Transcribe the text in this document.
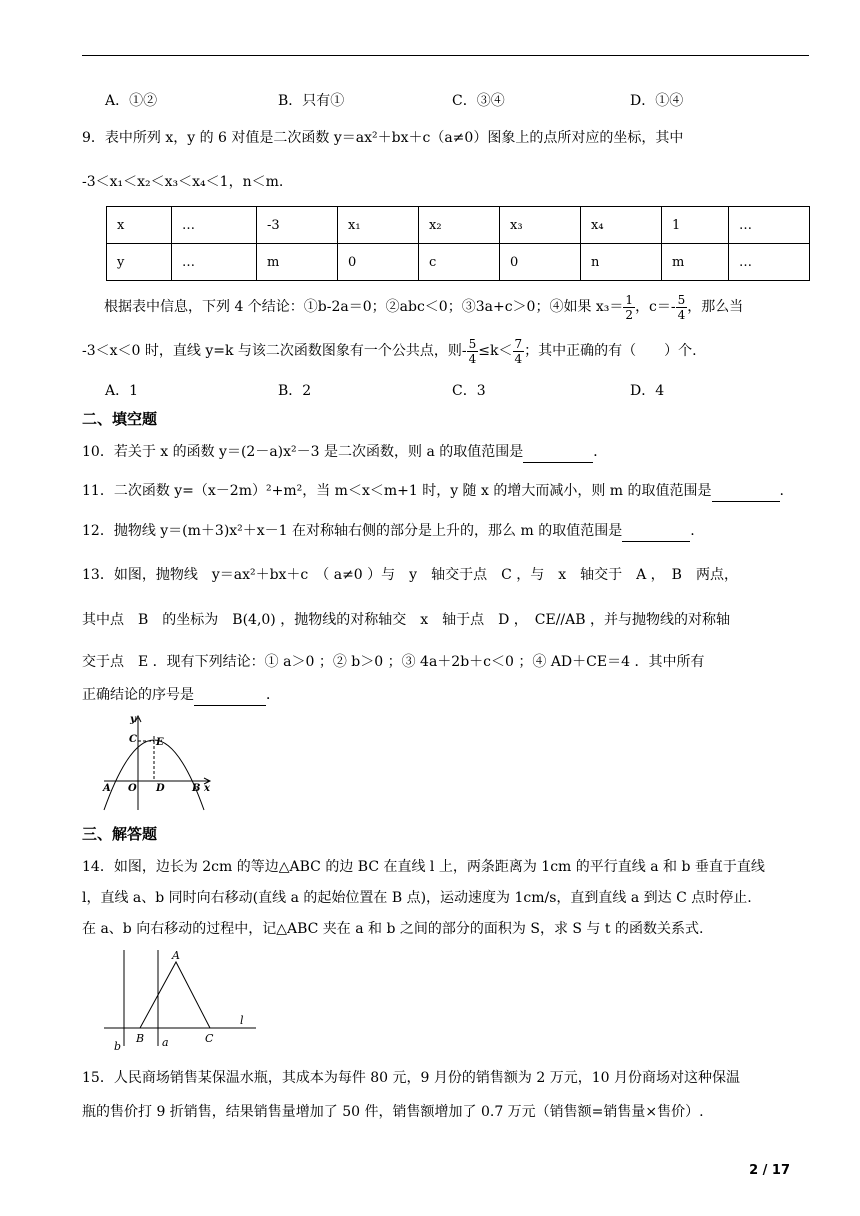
A．①②	B．只有①	C．③④	D．①④
9．表中所列 x，y 的 6 对值是二次函数 y＝ax²＋bx＋c（a≠0）图象上的点所对应的坐标，其中
-3＜x₁＜x₂＜x₃＜x₄＜1，n＜m.
x	…	-3	x₁	x₂	x₃	x₄	1	…
y	…	m	0	c	0	n	m	…
根据表中信息，下列 4 个结论：①b-2a＝0；②abc＜0；③3a+c＞0；④如果 $x_3= \frac{1}{2}$ ，$c=- \frac{5}{4}$ ，那么当
-3＜x＜0 时，直线 y=k 与该二次函数图象有一个公共点，则- $\frac{5}{4} \le k< \frac{7}{4}$ ；其中正确的有（　　）个.
A．1	B．2	C．3	D．4
二、填空题
10．若关于 x 的函数 y＝(2－a)x²－3 是二次函数，则 a 的取值范围是	．
11．二次函数 y=（x－2m）²+m²，当 m＜x＜m+1 时，y 随 x 的增大而减小，则 m 的取值范围是	.
12．抛物线 y＝(m＋3)x²＋x－1 在对称轴右侧的部分是上升的，那么 m 的取值范围是	.
13．如图，抛物线　y＝ax²＋bx＋c　（ a≠0 ）与　y　轴交于点　C ，与　x　轴交于　A ，　B　两点，
其中点　B　的坐标为　B(4,0) ，抛物线的对称轴交　x　轴于点　D ，　CE//AB ，并与抛物线的对称轴
交于点　E ．现有下列结论：① a＞0 ；② b＞0 ；③ 4a＋2b＋c＜0 ；④ AD＋CE＝4 ．其中所有
正确结论的序号是	．
y
x
C E
A O D	B
三、解答题
14．如图，边长为 2cm 的等边△ABC 的边 BC 在直线 l 上，两条距离为 1cm 的平行直线 a 和 b 垂直于直线
l，直线 a、b 同时向右移动(直线 a 的起始位置在 B 点)，运动速度为 1cm/s，直到直线 a 到达 C 点时停止.
在 a、b 向右移动的过程中，记△ABC 夹在 a 和 b 之间的部分的面积为 S，求 S 与 t 的函数关系式.
A
l
b
B a	C
15．人民商场销售某保温水瓶，其成本为每件 80 元，9 月份的销售额为 2 万元，10 月份商场对这种保温
瓶的售价打 9 折销售，结果销售量增加了 50 件，销售额增加了 0.7 万元（销售额=销售量×售价）.
2 / 17
